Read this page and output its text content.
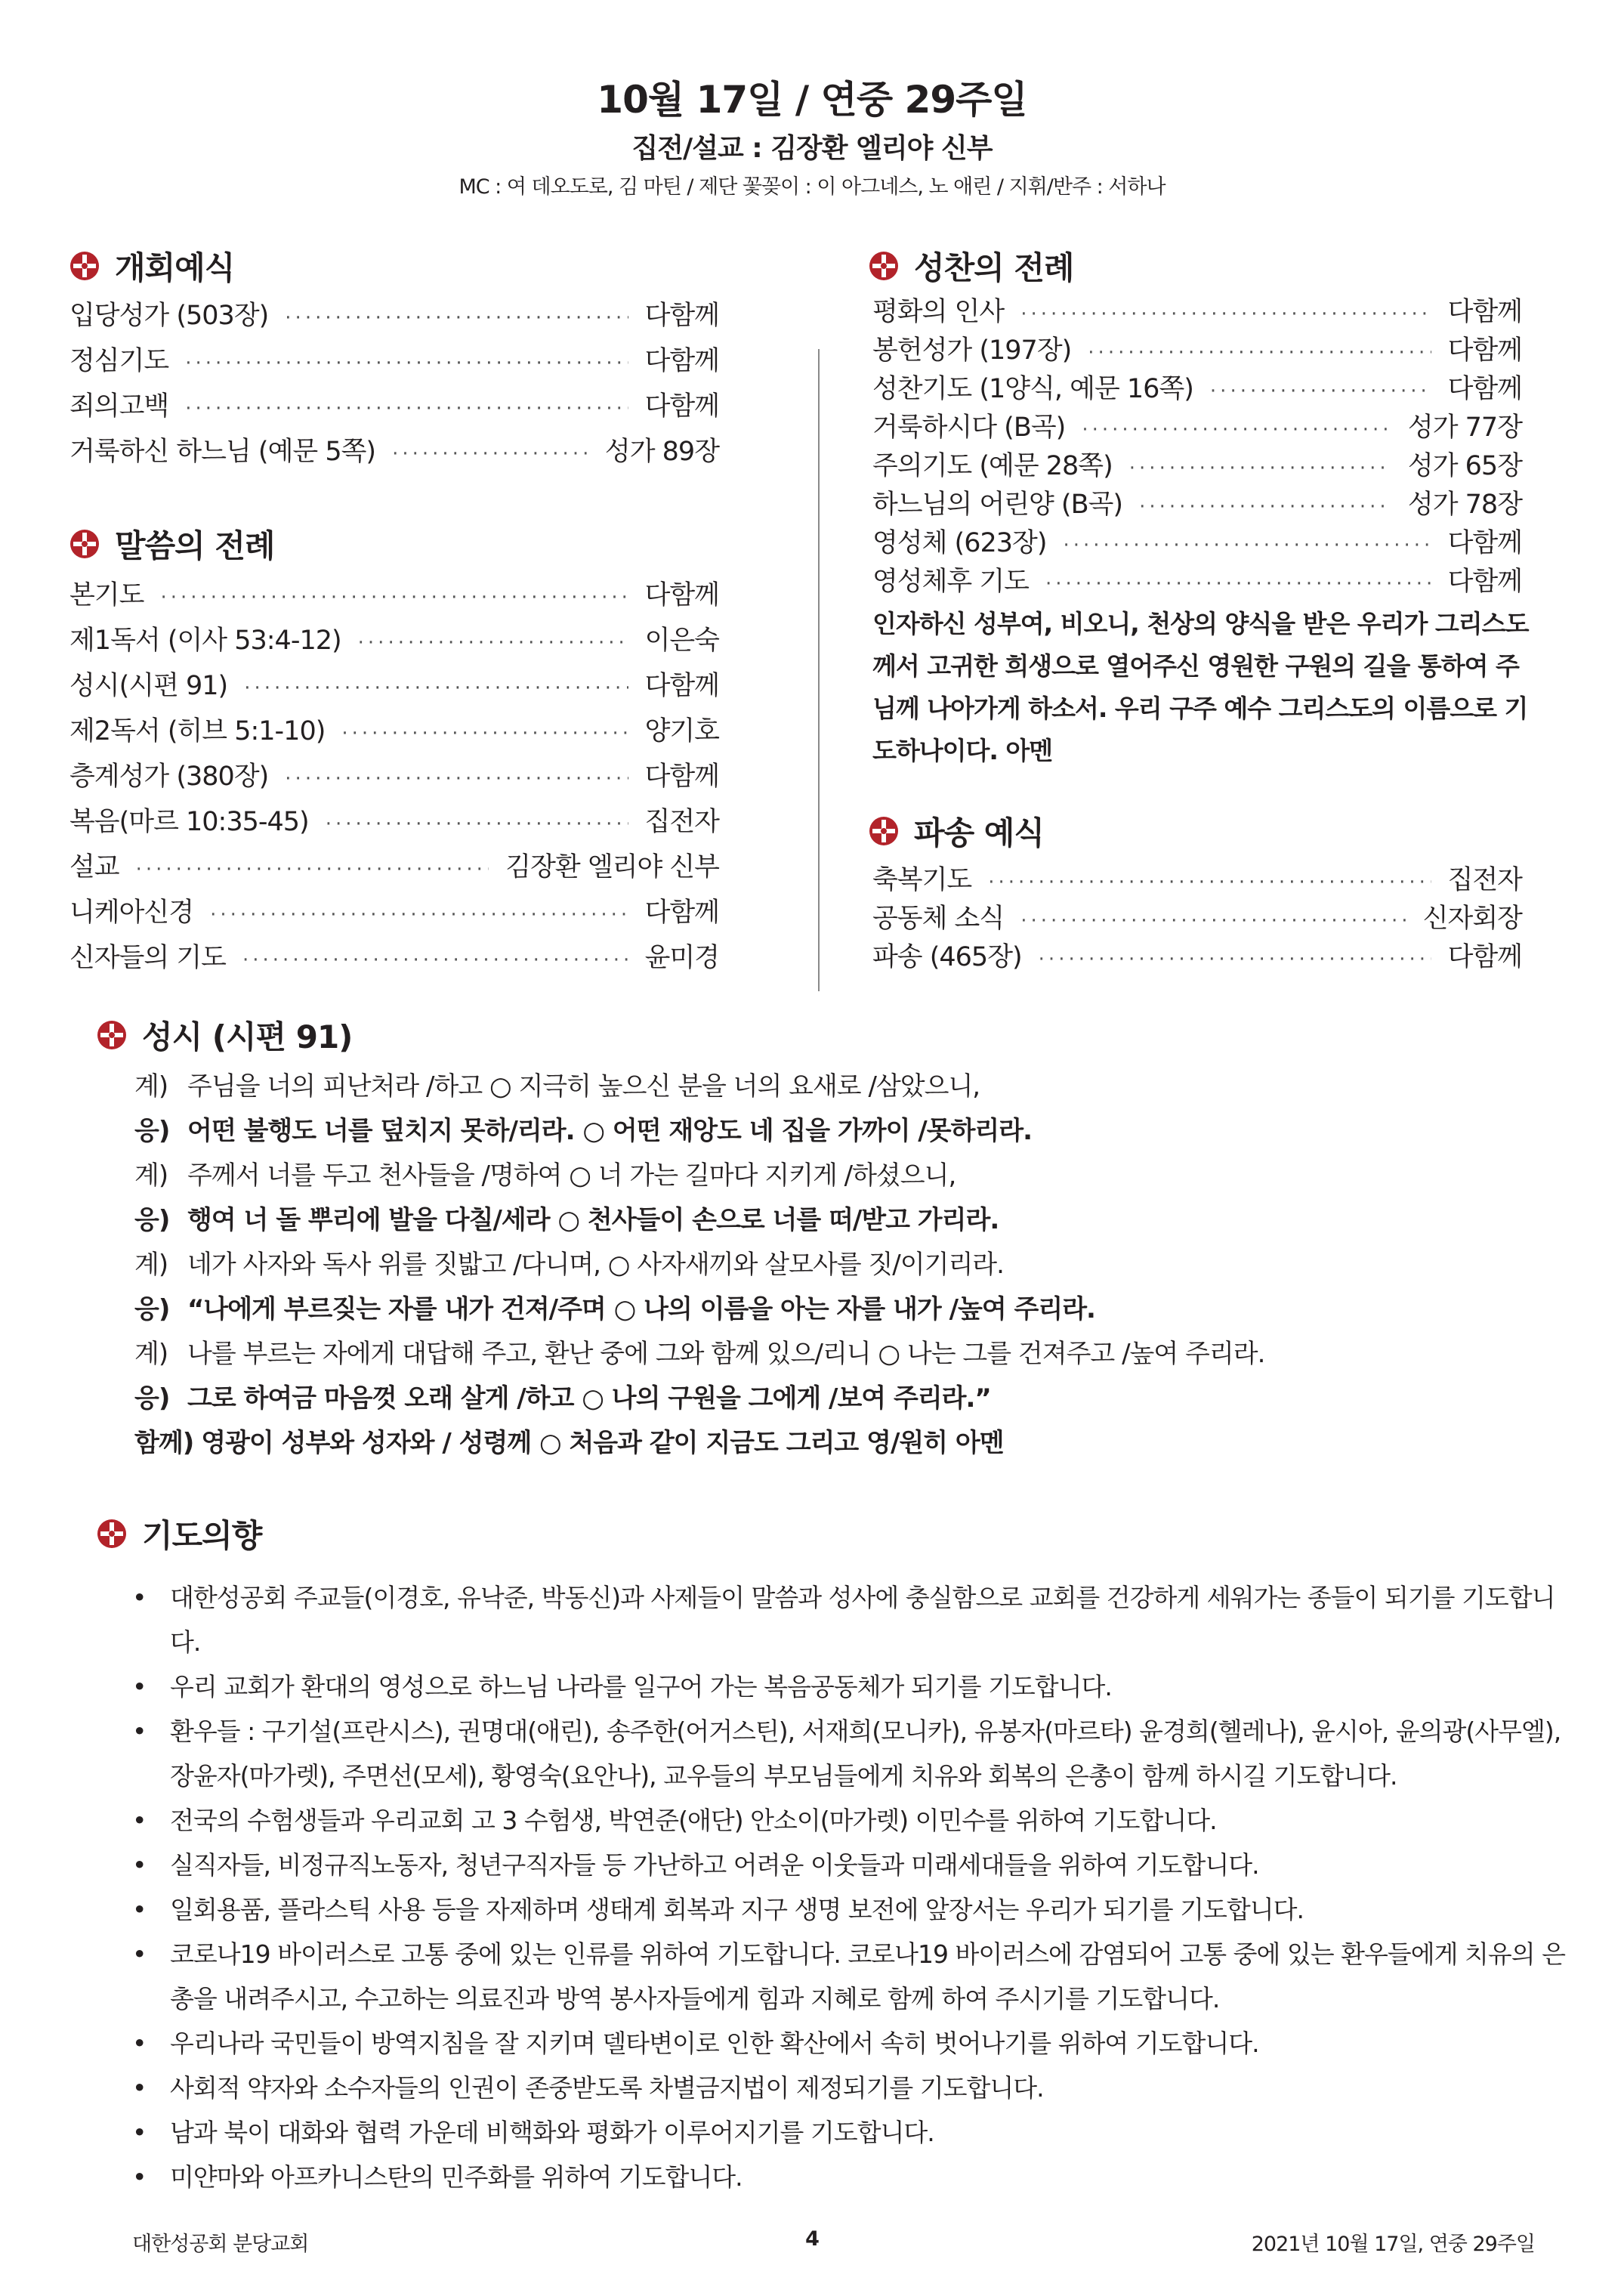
10월 17일 / 연중 29주일
집전/설교 : 김장환 엘리야 신부
MC : 여 데오도로, 김 마틴 / 제단 꽃꽂이 : 이 아그네스, 노 애린 / 지휘/반주 : 서하나
개회예식
입당성가 (503장) ·····	다함께
정심기도 ·····	다함께
죄의고백 ·····	다함께
거룩하신 하느님 (예문 5쪽) ·····	성가 89장
말씀의 전례
본기도 ·····	다함께
제1독서 (이사 53:4-12) ·····	이은숙
성시(시편 91) ·····	다함께
제2독서 (히브 5:1-10) ·····	양기호
층계성가 (380장) ·····	다함께
복음(마르 10:35-45) ·····	집전자
설교 ·····	김장환 엘리야 신부
니케아신경 ·····	다함께
신자들의 기도 ·····	윤미경
성찬의 전례
평화의 인사 ·····	다함께
봉헌성가 (197장) ·····	다함께
성찬기도 (1양식, 예문 16쪽) ·····	다함께
거룩하시다 (B곡) ·····	성가 77장
주의기도 (예문 28쪽) ·····	성가 65장
하느님의 어린양 (B곡) ·····	성가 78장
영성체 (623장) ·····	다함께
영성체후 기도 ·····	다함께
인자하신 성부여, 비오니, 천상의 양식을 받은 우리가 그리스도께서 고귀한 희생으로 열어주신 영원한 구원의 길을 통하여 주님께 나아가게 하소서. 우리 구주 예수 그리스도의 이름으로 기도하나이다. 아멘
파송 예식
축복기도 ·····	집전자
공동체 소식 ·····	신자회장
파송 (465장) ·····	다함께
성시 (시편 91)
계) 주님을 너의 피난처라 /하고 ○ 지극히 높으신 분을 너의 요새로 /삼았으니,
응) 어떤 불행도 너를 덮치지 못하/리라. ○ 어떤 재앙도 네 집을 가까이 /못하리라.
계) 주께서 너를 두고 천사들을 /명하여 ○ 너 가는 길마다 지키게 /하셨으니,
응) 행여 너 돌 뿌리에 발을 다칠/세라 ○ 천사들이 손으로 너를 떠/받고 가리라.
계) 네가 사자와 독사 위를 짓밟고 /다니며, ○ 사자새끼와 살모사를 짓/이기리라.
응) “나에게 부르짖는 자를 내가 건져/주며 ○ 나의 이름을 아는 자를 내가 /높여 주리라.
계) 나를 부르는 자에게 대답해 주고, 환난 중에 그와 함께 있으/리니 ○ 나는 그를 건져주고 /높여 주리라.
응) 그로 하여금 마음껏 오래 살게 /하고 ○ 나의 구원을 그에게 /보여 주리라.”
함께) 영광이 성부와 성자와 / 성령께 ○ 처음과 같이 지금도 그리고 영/원히 아멘
기도의향
• 대한성공회 주교들(이경호, 유낙준, 박동신)과 사제들이 말씀과 성사에 충실함으로 교회를 건강하게 세워가는 종들이 되기를 기도합니다.
• 우리 교회가 환대의 영성으로 하느님 나라를 일구어 가는 복음공동체가 되기를 기도합니다.
• 환우들 : 구기설(프란시스), 권명대(애린), 송주한(어거스틴), 서재희(모니카), 유봉자(마르타) 윤경희(헬레나), 윤시아, 윤의광(사무엘), 장윤자(마가렛), 주면선(모세), 황영숙(요안나), 교우들의 부모님들에게 치유와 회복의 은총이 함께 하시길 기도합니다.
• 전국의 수험생들과 우리교회 고 3 수험생, 박연준(애단) 안소이(마가렛) 이민수를 위하여 기도합니다.
• 실직자들, 비정규직노동자, 청년구직자들 등 가난하고 어려운 이웃들과 미래세대들을 위하여 기도합니다.
• 일회용품, 플라스틱 사용 등을 자제하며 생태계 회복과 지구 생명 보전에 앞장서는 우리가 되기를 기도합니다.
• 코로나19 바이러스로 고통 중에 있는 인류를 위하여 기도합니다. 코로나19 바이러스에 감염되어 고통 중에 있는 환우들에게 치유의 은총을 내려주시고, 수고하는 의료진과 방역 봉사자들에게 힘과 지혜로 함께 하여 주시기를 기도합니다.
• 우리나라 국민들이 방역지침을 잘 지키며 델타변이로 인한 확산에서 속히 벗어나기를 위하여 기도합니다.
• 사회적 약자와 소수자들의 인권이 존중받도록 차별금지법이 제정되기를 기도합니다.
• 남과 북이 대화와 협력 가운데 비핵화와 평화가 이루어지기를 기도합니다.
• 미얀마와 아프카니스탄의 민주화를 위하여 기도합니다.
대한성공회 분당교회	4	2021년 10월 17일, 연중 29주일
